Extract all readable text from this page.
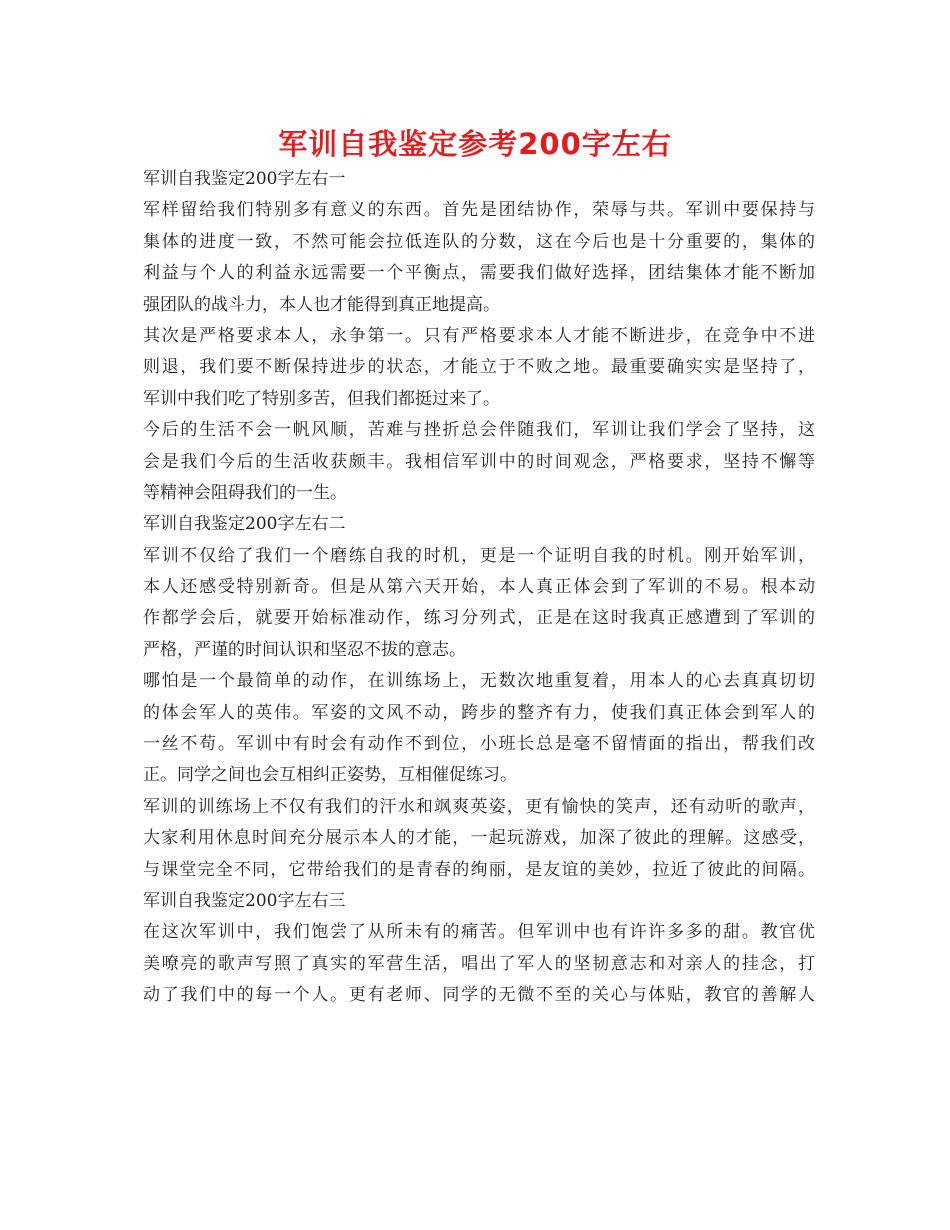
军训自我鉴定参考200字左右
军训自我鉴定200字左右一
军样留给我们特别多有意义的东西。首先是团结协作，荣辱与共。军训中要保持与
集体的进度一致，不然可能会拉低连队的分数，这在今后也是十分重要的，集体的
利益与个人的利益永远需要一个平衡点，需要我们做好选择，团结集体才能不断加
强团队的战斗力，本人也才能得到真正地提高。
其次是严格要求本人，永争第一。只有严格要求本人才能不断进步，在竞争中不进
则退，我们要不断保持进步的状态，才能立于不败之地。最重要确实实是坚持了，
军训中我们吃了特别多苦，但我们都挺过来了。
今后的生活不会一帆风顺，苦难与挫折总会伴随我们，军训让我们学会了坚持，这
会是我们今后的生活收获颇丰。我相信军训中的时间观念，严格要求，坚持不懈等
等精神会阻碍我们的一生。
军训自我鉴定200字左右二
军训不仅给了我们一个磨练自我的时机，更是一个证明自我的时机。刚开始军训，
本人还感受特别新奇。但是从第六天开始，本人真正体会到了军训的不易。根本动
作都学会后，就要开始标准动作，练习分列式，正是在这时我真正感遭到了军训的
严格，严谨的时间认识和坚忍不拔的意志。
哪怕是一个最简单的动作，在训练场上，无数次地重复着，用本人的心去真真切切
的体会军人的英伟。军姿的文风不动，跨步的整齐有力，使我们真正体会到军人的
一丝不苟。军训中有时会有动作不到位，小班长总是毫不留情面的指出，帮我们改
正。同学之间也会互相纠正姿势，互相催促练习。
军训的训练场上不仅有我们的汗水和飒爽英姿，更有愉快的笑声，还有动听的歌声，
大家利用休息时间充分展示本人的才能，一起玩游戏，加深了彼此的理解。这感受，
与课堂完全不同，它带给我们的是青春的绚丽，是友谊的美妙，拉近了彼此的间隔。
军训自我鉴定200字左右三
在这次军训中，我们饱尝了从所未有的痛苦。但军训中也有许许多多的甜。教官优
美嘹亮的歌声写照了真实的军营生活，唱出了军人的坚韧意志和对亲人的挂念，打
动了我们中的每一个人。更有老师、同学的无微不至的关心与体贴，教官的善解人
